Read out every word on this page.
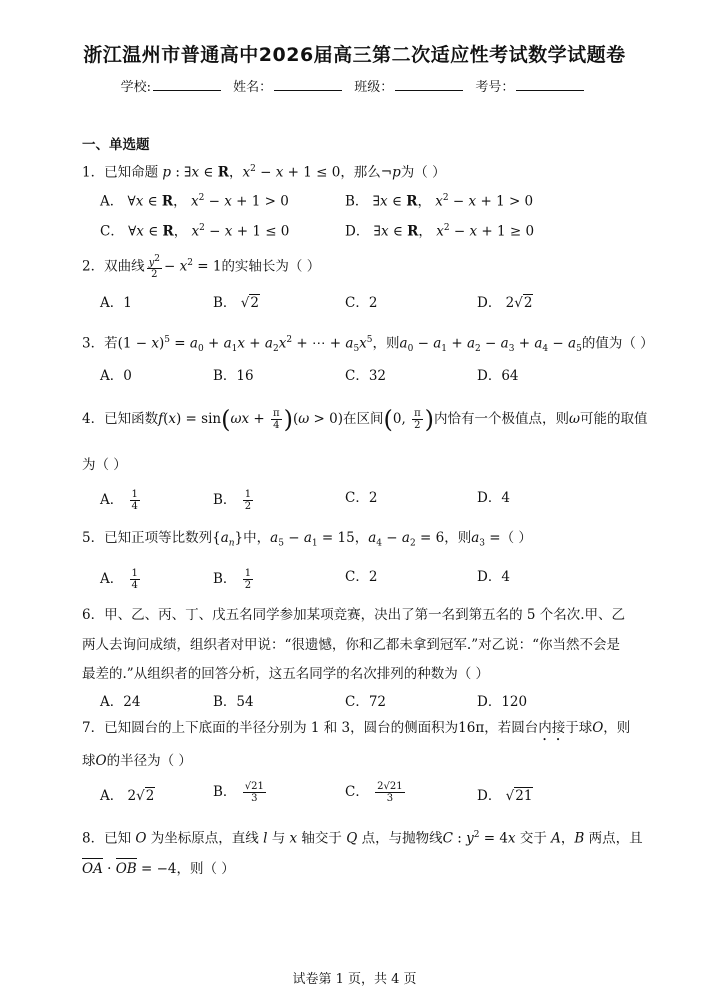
浙江温州市普通高中2026届高三第二次适应性考试数学试题卷
学校:	姓名：	班级：	考号：
一、单选题
1．已知命题 p : ∃x ∈ R，$x^2 - x + 1 \le 0$，那么¬p为（ ）
A． ∀x ∈ R， $x^2 - x + 1 > 0$	B． ∃x ∈ R， $x^2 - x + 1 > 0$
C． ∀x ∈ R， $x^2 - x + 1 \le 0$	D． ∃x ∈ R， $x^2 - x + 1 \ge 0$
2．双曲线 $\frac{y^2}{2} - x^2 = 1$的实轴长为（ ）
A．1	B． √2	C．2	D． 2√2
3．若$(1 - x)^5 = a_0 + a_1x + a_2x^2$ + ⋯ + $a_5x^5$，则$a_0 - a_1 + a_2 - a_3 + a_4 - a_5$的值为（ ）
A．0	B．16	C．32	D．64
4．已知函数$f(x) = \sin(\omega x + \frac{\pi}{4} )(\omega > 0)$在区间(0, $\frac{\pi}{2}$ )内恰有一个极值点，则ω可能的取值
为（ ）
A． $\frac{1}{4}$	B． $\frac{1}{2}$	C．2	D．4
5．已知正项等比数列$\{a_n\}$中，$a_5 - a_1 = 15$，$a_4 - a_2 = 6$，则$a_3$ =（ ）
A． $\frac{1}{4}$	B． $\frac{1}{2}$	C．2	D．4
6．甲、乙、丙、丁、戊五名同学参加某项竞赛，决出了第一名到第五名的 5 个名次.甲、乙
两人去询问成绩，组织者对甲说：“很遗憾，你和乙都未拿到冠军.”对乙说：“你当然不会是
最差的.”从组织者的回答分析，这五名同学的名次排列的种数为（ ）
A．24	B．54	C．72	D．120
7．已知圆台的上下底面的半径分别为 1 和 3，圆台的侧面积为16π，若圆台内接于球O，则
球O的半径为（ ）
A． 2√2	B． $\frac{√21}{3}$	C． $\frac{2√21}{3}$	D． √21
8．已知 O 为坐标原点，直线 l 与 x 轴交于 Q 点，与抛物线C : $y^2 = 4x$ 交于 A，B 两点，且
OA · OB = −4，则（ ）
试卷第 1 页，共 4 页
